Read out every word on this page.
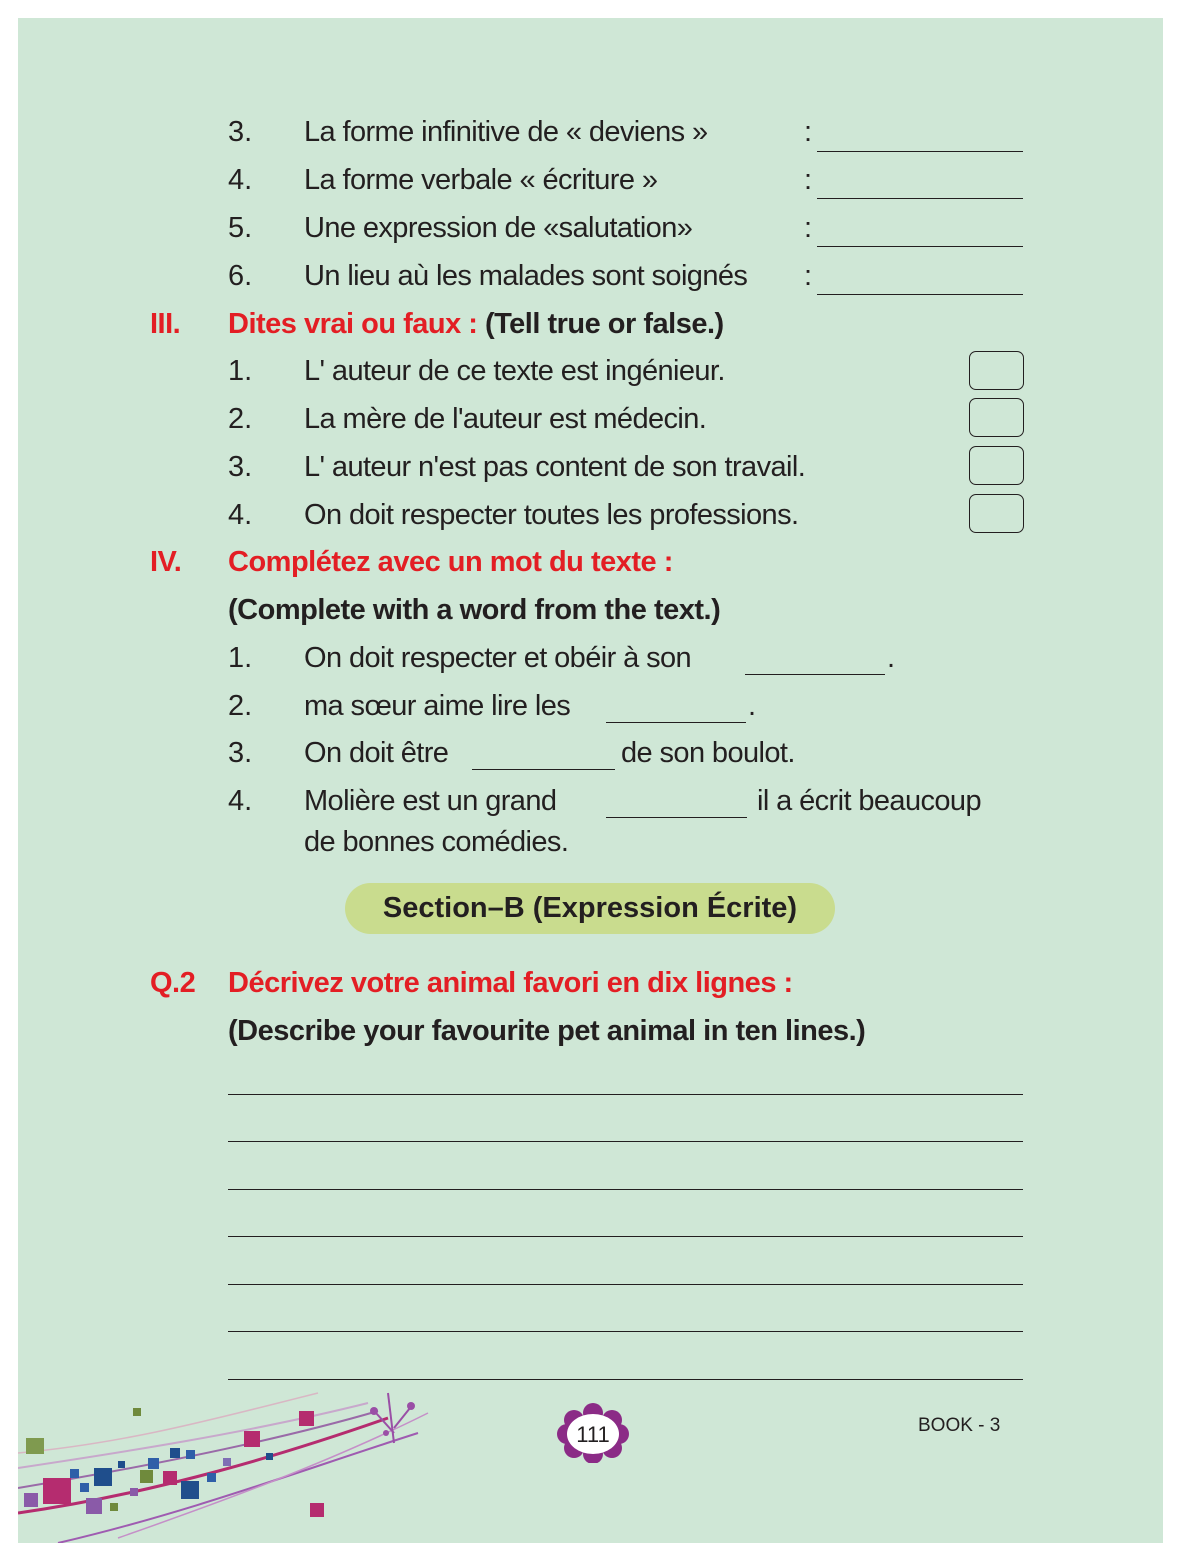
3. La forme infinitive de « deviens »	:
4. La forme verbale « écriture »	:
5. Une expression de «salutation»	:
6. Un lieu aù les malades sont soignés :
III. Dites vrai ou faux : (Tell true or false.)
1. L' auteur de ce texte est ingénieur.
2. La mère de l'auteur est médecin.
3. L' auteur n'est pas content de son travail.
4. On doit respecter toutes les professions.
IV. Complétez avec un mot du texte :
(Complete with a word from the text.)
1. On doit respecter et obéir à son	.
2. ma sœur aime lire les	.
3. On doit être	de son boulot.
4. Molière est un grand	il a écrit beaucoup
de bonnes comédies.
Section–B (Expression Écrite)
Q.2 Décrivez votre animal favori en dix lignes :
(Describe your favourite pet animal in ten lines.)
111	BOOK - 3
